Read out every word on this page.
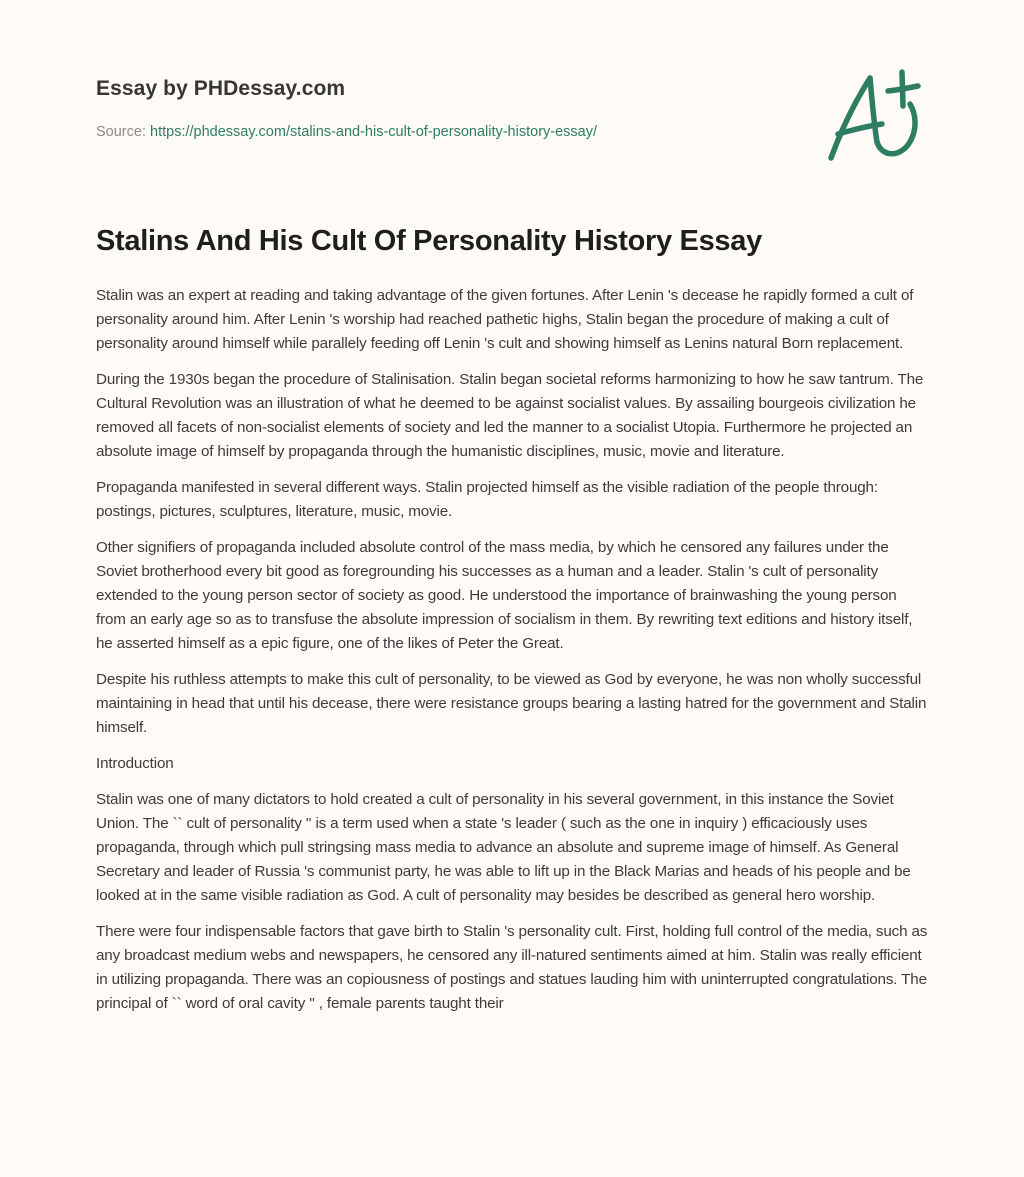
Essay by PHDessay.com
Source: https://phdessay.com/stalins-and-his-cult-of-personality-history-essay/
Stalins And His Cult Of Personality History Essay

Stalin was an expert at reading and taking advantage of the given fortunes. After Lenin 's decease he rapidly formed a cult of personality around him. After Lenin 's worship had reached pathetic highs, Stalin began the procedure of making a cult of personality around himself while parallely feeding off Lenin 's cult and showing himself as Lenins natural Born replacement.

During the 1930s began the procedure of Stalinisation. Stalin began societal reforms harmonizing to how he saw tantrum. The Cultural Revolution was an illustration of what he deemed to be against socialist values. By assailing bourgeois civilization he removed all facets of non-socialist elements of society and led the manner to a socialist Utopia. Furthermore he projected an absolute image of himself by propaganda through the humanistic disciplines, music, movie and literature.

Propaganda manifested in several different ways. Stalin projected himself as the visible radiation of the people through: postings, pictures, sculptures, literature, music, movie.

Other signifiers of propaganda included absolute control of the mass media, by which he censored any failures under the Soviet brotherhood every bit good as foregrounding his successes as a human and a leader. Stalin 's cult of personality extended to the young person sector of society as good. He understood the importance of brainwashing the young person from an early age so as to transfuse the absolute impression of socialism in them. By rewriting text editions and history itself, he asserted himself as a epic figure, one of the likes of Peter the Great.

Despite his ruthless attempts to make this cult of personality, to be viewed as God by everyone, he was non wholly successful maintaining in head that until his decease, there were resistance groups bearing a lasting hatred for the government and Stalin himself.

Introduction

Stalin was one of many dictators to hold created a cult of personality in his several government, in this instance the Soviet Union. The `` cult of personality '' is a term used when a state 's leader ( such as the one in inquiry ) efficaciously uses propaganda, through which pull stringsing mass media to advance an absolute and supreme image of himself. As General Secretary and leader of Russia 's communist party, he was able to lift up in the Black Marias and heads of his people and be looked at in the same visible radiation as God. A cult of personality may besides be described as general hero worship.

There were four indispensable factors that gave birth to Stalin 's personality cult. First, holding full control of the media, such as any broadcast medium webs and newspapers, he censored any ill-natured sentiments aimed at him. Stalin was really efficient in utilizing propaganda. There was an copiousness of postings and statues lauding him with uninterrupted congratulations. The principal of `` word of oral cavity '' , female parents taught their
